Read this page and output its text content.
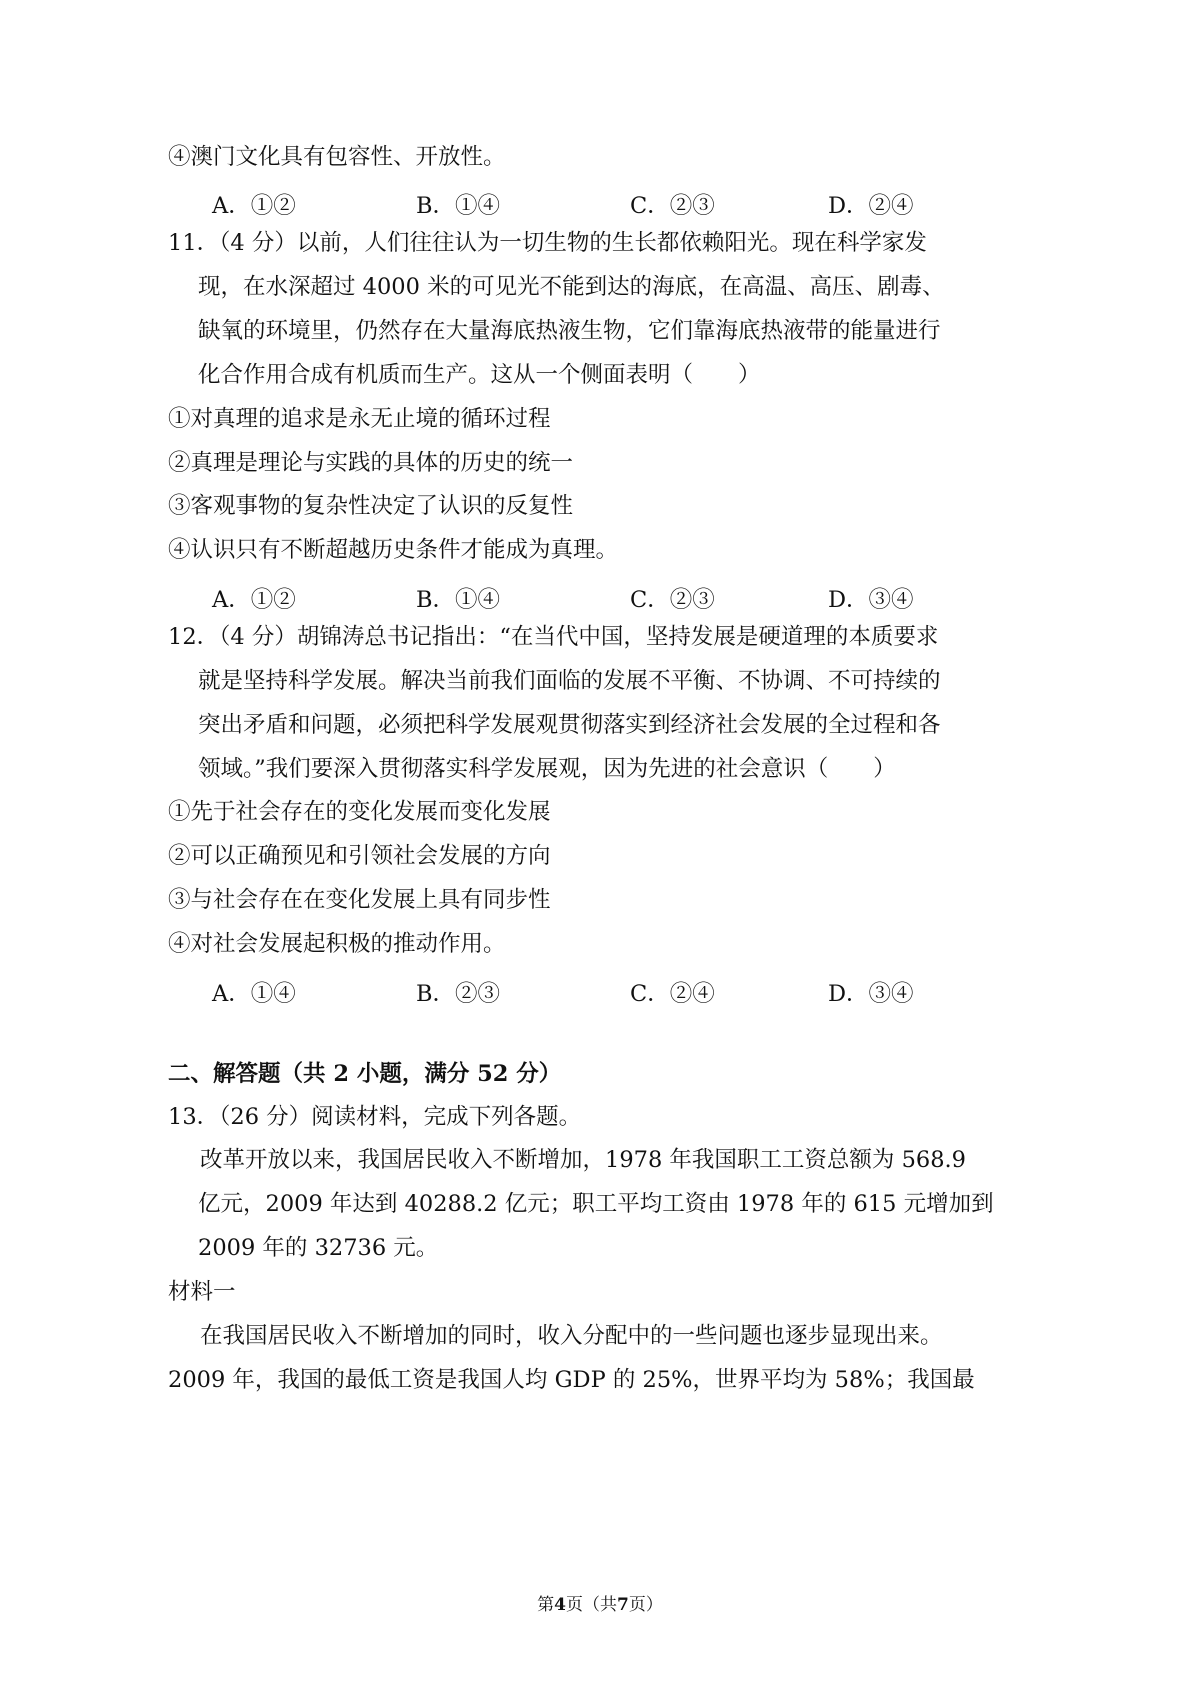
④澳门文化具有包容性、开放性。
A．①②	B．①④	C．②③	D．②④
11．（4 分）以前，人们往往认为一切生物的生长都依赖阳光。现在科学家发
现，在水深超过 4000 米的可见光不能到达的海底，在高温、高压、剧毒、
缺氧的环境里，仍然存在大量海底热液生物，它们靠海底热液带的能量进行
化合作用合成有机质而生产。这从一个侧面表明（　　）
①对真理的追求是永无止境的循环过程
②真理是理论与实践的具体的历史的统一
③客观事物的复杂性决定了认识的反复性
④认识只有不断超越历史条件才能成为真理。
A．①②	B．①④	C．②③	D．③④
12．（4 分）胡锦涛总书记指出：“在当代中国，坚持发展是硬道理的本质要求
就是坚持科学发展。解决当前我们面临的发展不平衡、不协调、不可持续的
突出矛盾和问题，必须把科学发展观贯彻落实到经济社会发展的全过程和各
领域。”我们要深入贯彻落实科学发展观，因为先进的社会意识（　　）
①先于社会存在的变化发展而变化发展
②可以正确预见和引领社会发展的方向
③与社会存在在变化发展上具有同步性
④对社会发展起积极的推动作用。
A．①④	B．②③	C．②④	D．③④
二、解答题（共 2 小题，满分 52 分）
13．（26 分）阅读材料，完成下列各题。
改革开放以来，我国居民收入不断增加，1978 年我国职工工资总额为 568.9
亿元，2009 年达到 40288.2 亿元；职工平均工资由 1978 年的 615 元增加到
2009 年的 32736 元。
材料一
在我国居民收入不断增加的同时，收入分配中的一些问题也逐步显现出来。
2009 年，我国的最低工资是我国人均 GDP 的 25%，世界平均为 58%；我国最
第4页（共7页）
